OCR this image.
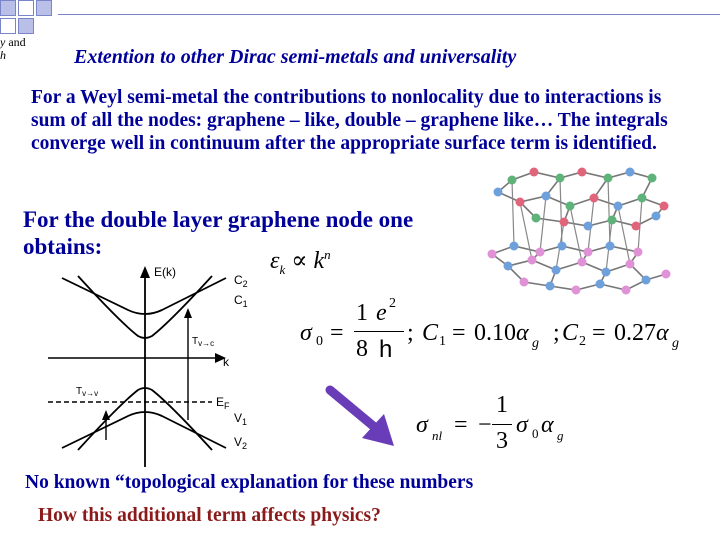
y and
h	Extention to other Dirac semi-metals and universality
For a Weyl semi-metal the contributions to nonlocality due to interactions is sum of all the nodes: graphene – like, double – graphene like… The integrals converge well in continuum after the appropriate surface term is identified.
For the double layer graphene node one obtains:
$\varepsilon_k \propto k^n$
σ 0 =
1 e 2
8 h
; C 1 = 0.10 α g ; C 2 = 0.27 α g
σ nl = −
1
3
σ 0 α g
E(k)
k
$C_2$
$C_1$
$T_{v\to c}$
$T_{v\to v}$
$E_F$
$V_1$
$V_2$
No known “topological explanation for these numbers
How this additional term affects physics?
